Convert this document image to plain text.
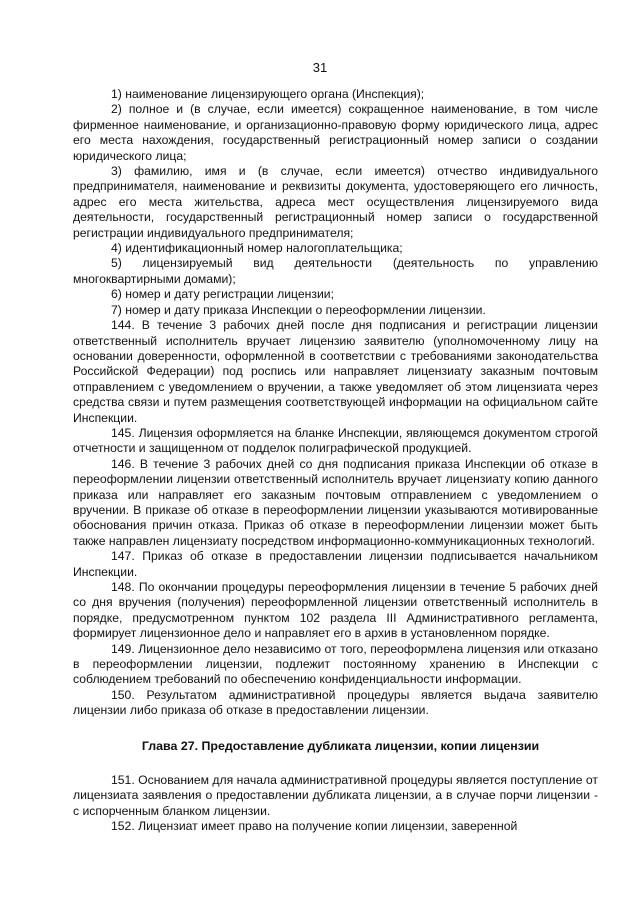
31

1) наименование лицензирующего органа (Инспекция);

2) полное и (в случае, если имеется) сокращенное наименование, в том числе фирменное наименование, и организационно-правовую форму юридического лица, адрес его места нахождения, государственный регистрационный номер записи о создании юридического лица;

3) фамилию, имя и (в случае, если имеется) отчество индивидуального предпринимателя, наименование и реквизиты документа, удостоверяющего его личность, адрес его места жительства, адреса мест осуществления лицензируемого вида деятельности, государственный регистрационный номер записи о государственной регистрации индивидуального предпринимателя;

4) идентификационный номер налогоплательщика;

5) лицензируемый вид деятельности (деятельность по управлению многоквартирными домами);

6) номер и дату регистрации лицензии;

7) номер и дату приказа Инспекции о переоформлении лицензии.

144. В течение 3 рабочих дней после дня подписания и регистрации лицензии ответственный исполнитель вручает лицензию заявителю (уполномоченному лицу на основании доверенности, оформленной в соответствии с требованиями законодательства Российской Федерации) под роспись или направляет лицензиату заказным почтовым отправлением с уведомлением о вручении, а также уведомляет об этом лицензиата через средства связи и путем размещения соответствующей информации на официальном сайте Инспекции.

145. Лицензия оформляется на бланке Инспекции, являющемся документом строгой отчетности и защищенном от подделок полиграфической продукцией.

146. В течение 3 рабочих дней со дня подписания приказа Инспекции об отказе в переоформлении лицензии ответственный исполнитель вручает лицензиату копию данного приказа или направляет его заказным почтовым отправлением с уведомлением о вручении. В приказе об отказе в переоформлении лицензии указываются мотивированные обоснования причин отказа. Приказ об отказе в переоформлении лицензии может быть также направлен лицензиату посредством информационно-коммуникационных технологий.

147. Приказ об отказе в предоставлении лицензии подписывается начальником Инспекции.

148. По окончании процедуры переоформления лицензии в течение 5 рабочих дней со дня вручения (получения) переоформленной лицензии ответственный исполнитель в порядке, предусмотренном пунктом 102 раздела III Административного регламента, формирует лицензионное дело и направляет его в архив в установленном порядке.

149. Лицензионное дело независимо от того, переоформлена лицензия или отказано в переоформлении лицензии, подлежит постоянному хранению в Инспекции с соблюдением требований по обеспечению конфиденциальности информации.

150. Результатом административной процедуры является выдача заявителю лицензии либо приказа об отказе в предоставлении лицензии.

Глава 27. Предоставление дубликата лицензии, копии лицензии

151. Основанием для начала административной процедуры является поступление от лицензиата заявления о предоставлении дубликата лицензии, а в случае порчи лицензии - с испорченным бланком лицензии.

152. Лицензиат имеет право на получение копии лицензии, заверенной
